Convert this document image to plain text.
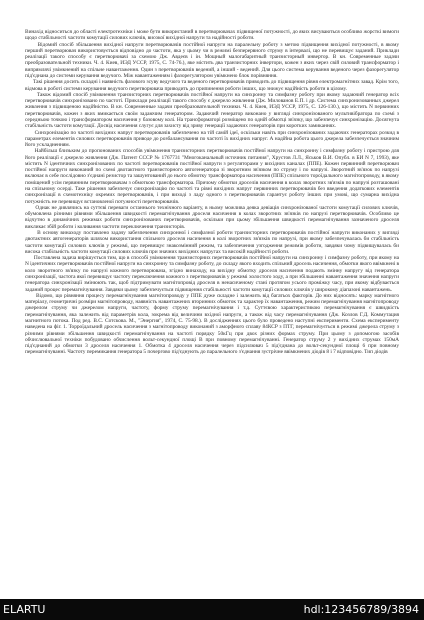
Винахід відноситься до області електротехніки і може бути використаний в перетворювачах підвищеної потужності, до яких висуваються особливо жорсткі вимоги щодо стабільності частоти комутації силових ключів, високої вихідної напруги та надійності роботи.
Відомий спосіб збільшення вихідної напруги перетворювачів постійної напруги на паралельну роботу з метою підвищення вихідної потужності, в якому перший перетворювач використовується відповідно до частоти, яка у цьому чи в режимі безперервного струму в інтервалі, що не перевищує заданий. Приклади реалізації такого способу є перетворювачі за схемою Дж. Авдеєв і ін. Мощный малогабаритный транзисторный инвертор. В кн. Современные задачи преобразовательной техники. Ч. 4. Киев, ИЭД УССР, 1975, С. 74-76.), яке містить два транзисторних інвертори, кожен з яких через свій силовий трансформатор і випрямлячі увімкнений на спільне навантаження. Один з перетворювачів ведений, а інший - ведений. Для цього система керування веденого через фазорегулятор під'єднана до системи керування ведучого. Між навантаженням і фазорегулятором увімкнено блок порівняння.
Такі рішення досить складні і наявність фазового зсуву ведучого та веденого перетворювачів приводить до підвищення рівня електромагнітних завад. Крім того, відмова в роботі системи керування ведучого перетворювача приводить до припинення роботи інших, що знижує надійність роботи в цілому.
Також відомий спосіб увімкнення транзисторних перетворювачів постійної напруги на синхронну та симфазну роботу при якому задаючий генератор всіх перетворювачів синхронізовано по частоті. Приклади реалізації такого способу є джерело живлення (Дж. Милованов Е.П. і др. Система синхронизованных джерел живлення з підвищеною надійністю. В кн. Современные задачи преобразовательной техники. Ч. 4. Киев, ИЭД УССР, 1975, С. 126-130.), що містить N первинних перетворювачів, кожен з яких вмикається своїм задаючим генератором. Задаючий генератор виконано у вигляді синхронізованого мультивібратора по схемі з середньою точкою і трансформатором насичення у базовому колі. На трансформаторі розміщено по одній обмотці зв'язку, що забезпечує синхронізацію. Досягнута стабільність частоти комутації. Досвід насичення слугує для захисту від зриву генерації задаючих генераторів при коротких замиканнях.
Синхронізацію по частоті вихідних напруг перетворювачів забезпечено на тій самій ідеї, оскільки навіть при синхронізованих задаючих генераторах розкид в параметрах елементів силових перетворювачів приводе до розбалансування по частоті їх вихідних напруг. А надійна робота цього джерела забезпечується значним його ускладненням.
Найбільш близьким до пропонованих способів увімкнення транзисторних перетворювачів постійної напруги на синхронну і симфазну роботу і пристрою для його реалізації є джерело живлення (Дж. Патент СССР № 1767731 "Многоканальный источник питания", Хрустов Л.Л., Яськов В.И. Опубл. в БИ N 7, 1993), яке містить N ідентичних синхронізованих по частоті перетворювачів постійної напруги з регуляторами у вихідних каналах (ППЕ). Кожен первинний перетворювач постійної напруги виконаний по схемі двотактного транзисторного автогенератора зі зворотним зв'язком по струму і по напрузі. Зворотний зв'язок по напрузі включає в себе послідовно з'єднані резистор та зашунтований до нього обмотку трансформатора насичення (ППЕ) спільного тороїдального магнітопроводу, в якому поміщений усім первинним перетворювачам з обмоткою трансформатора. Причому обмотки дроселів насичення в колах зворотних зв'язків по напрузі розташовані на спільному осерді. Таке рішення забезпечує синхронізацію по частоті та рівні вихідних напруг первинних перетворювачів без введення додаткових елементів синхронізації в схемотехніку окремих перетворювачів, і при виході з ладу одного з перетворювачів гарантує роботу інших при умові, що сумарна вихідна потужність не перевищує встановленої потужності перетворювачів.
Однак не дивлячись на суттєві переваги останнього технічного варіанту, в ньому можлива деяка девіація синхронізованої частоти комутації силових ключів, обумовлена різними рівнями збільшення швидкості перемагнічування дроселя насичення в колах зворотних зв'язків по напрузі перетворювачів. Особливо це відчутно в динамічних режимах роботи синхронізованих перетворювачів, оскільки при цьому збільшення швидкості перемагнічування зазначеного дроселя викликає збій роботи і коливання частоти переключення транзисторів.
В основу винаходу поставлено задачу забезпечення синхронної і симфазної роботи транзисторних перетворювачів постійної напруги виконаних у вигляді двотактних автогенераторів шляхом використання спільного дроселя насичення в колі зворотних зв'язків по напрузі, при якому забезпечувалась би стабільність частоти комутації силових ключів у режимі, що перевищує знакозмінний режим, та забезпечення узгодження режимів роботи, завдяки чому підвищувалась би висока стабільність частоти комутації силових ключів при значних вихідних напругах та високій надійності роботи.
Поставлена задача вирішується тим, що в способі увімкнення транзисторних перетворювачів постійної напруги на синхронну і симфазну роботу, при якому на N ідентичних перетворювачів постійної напруги на синхронну та симфазну роботу, до складу якого входить спільний дросель насичення, обмотки якого ввімкнені в коло зворотного зв'язку по напрузі кожного перетворювача, згідно винаходу, на вихідну обмотку дроселя насичення подають змінну напругу від генератора синхронізації, частота якої перевищує частоту переключення кожного з перетворювачів у режимі холостого ходу, а при збільшенні навантаження значення напруги генератора синхронізації змінюють так, щоб підтримувати магнітопровід дроселя в ненасиченому стані протягом усього проміжку часу, при якому відбувається заданий процес перемагнічування. Завдяки цьому забезпечується підвищення стабільності частоти комутації силових ключів у широкому діапазоні навантажень.
Відомо, що рівняння процесу перемагнічування магнітопроводу у ППЕ дуже складне і залежить від багатьох факторів. До них відносять: марку магнітного матеріалу, геометричні розміри магнітопроводу, наявність навантажених вторинних обмоток та характер їх навантаження, режим перемагнічування магнітопроводу джерелом струму чи джерелом напруги, частоту, форму струму перемагнічування і т.д. Суттєвою характеристикою перемагнічування є швидкість перемагнічування, яка залежить від параметрів кола, зокрема від величини вхідної напруги, а також від часу перемагнічування (Дж. Козлов Г.Д. Коммутация магнитного потока. Под ред. В.С. Сотскова. М., "Энергия", 1974, С. 75-98.). В дослідженнях цього було проведено наступні експерименти. Схема експерименту наведена на фіг. 1. Торроїдальний дросель насичення з магнітопроводу виконаний з аморфного сплаву 84КСР з ПТГ, перемагнічується в режимі джерела струму з різними рівнями збільшення швидкості перемагнічування на частоті порядку 50кГц при двох різних формах струму. При цьому з допомогою засобів обчислювальної техніки побудовано обчислення вольт-секундної площі В при повному перемагнічуванні. Генератор струму 2 у вихідних струмах 150мА під'єднаний до обмотки 3 дроселя насичення 1. Обмотка 4 дроселя насичення через підсилювач 5 під'єднана до вольт-секундної площі 6 при повному перемагнічуванні. Частоту перемикання генератора 5 почергово під'єднують до паралельного з'єднання зустрічне ввімкнених діодів 8 і 7 відповідно. Тип діодів

ELARTU	hdl:123456789/3894
